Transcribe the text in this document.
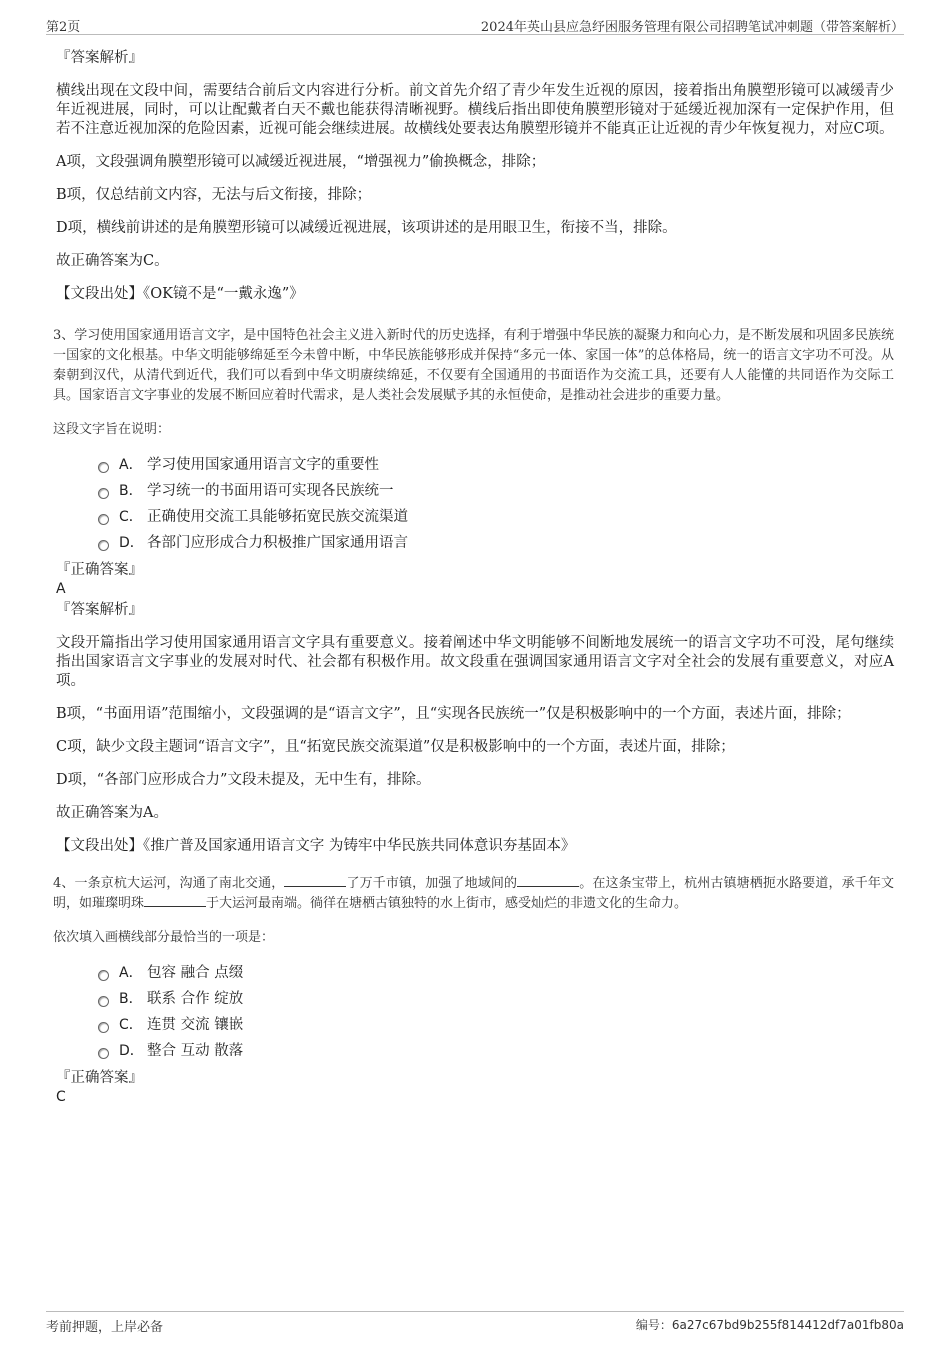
第2页	2024年英山县应急纾困服务管理有限公司招聘笔试冲刺题（带答案解析）

『答案解析』

横线出现在文段中间，需要结合前后文内容进行分析。前文首先介绍了青少年发生近视的原因，接着指出角膜塑形镜可以减缓青少年近视进展，同时，可以让配戴者白天不戴也能获得清晰视野。横线后指出即使角膜塑形镜对于延缓近视加深有一定保护作用，但若不注意近视加深的危险因素，近视可能会继续进展。故横线处要表达角膜塑形镜并不能真正让近视的青少年恢复视力，对应C项。

A项，文段强调角膜塑形镜可以减缓近视进展，“增强视力”偷换概念，排除；

B项，仅总结前文内容，无法与后文衔接，排除；

D项，横线前讲述的是角膜塑形镜可以减缓近视进展，该项讲述的是用眼卫生，衔接不当，排除。

故正确答案为C。

【文段出处】《OK镜不是“一戴永逸”》

3、学习使用国家通用语言文字，是中国特色社会主义进入新时代的历史选择，有利于增强中华民族的凝聚力和向心力，是不断发展和巩固多民族统一国家的文化根基。中华文明能够绵延至今未曾中断，中华民族能够形成并保持“多元一体、家国一体”的总体格局，统一的语言文字功不可没。从秦朝到汉代，从清代到近代，我们可以看到中华文明赓续绵延，不仅要有全国通用的书面语作为交流工具，还要有人人能懂的共同语作为交际工具。国家语言文字事业的发展不断回应着时代需求，是人类社会发展赋予其的永恒使命，是推动社会进步的重要力量。

这段文字旨在说明：

A． 学习使用国家通用语言文字的重要性
B． 学习统一的书面用语可实现各民族统一
C． 正确使用交流工具能够拓宽民族交流渠道
D． 各部门应形成合力积极推广国家通用语言

『正确答案』

A

『答案解析』

文段开篇指出学习使用国家通用语言文字具有重要意义。接着阐述中华文明能够不间断地发展统一的语言文字功不可没，尾句继续指出国家语言文字事业的发展对时代、社会都有积极作用。故文段重在强调国家通用语言文字对全社会的发展有重要意义，对应A项。

B项，“书面用语”范围缩小，文段强调的是“语言文字”，且“实现各民族统一”仅是积极影响中的一个方面，表述片面，排除；

C项，缺少文段主题词“语言文字”，且“拓宽民族交流渠道”仅是积极影响中的一个方面，表述片面，排除；

D项，“各部门应形成合力”文段未提及，无中生有，排除。

故正确答案为A。

【文段出处】《推广普及国家通用语言文字 为铸牢中华民族共同体意识夯基固本》

4、一条京杭大运河，沟通了南北交通，	了万千市镇，加强了地域间的	。在这条宝带上，杭州古镇塘栖扼水路要道，承千年文明，如璀璨明珠	于大运河最南端。徜徉在塘栖古镇独特的水上街市，感受灿烂的非遗文化的生命力。

依次填入画横线部分最恰当的一项是：

A． 包容 融合 点缀
B． 联系 合作 绽放
C． 连贯 交流 镶嵌
D． 整合 互动 散落

『正确答案』

C

考前押题，上岸必备	编号：6a27c67bd9b255f814412df7a01fb80a
